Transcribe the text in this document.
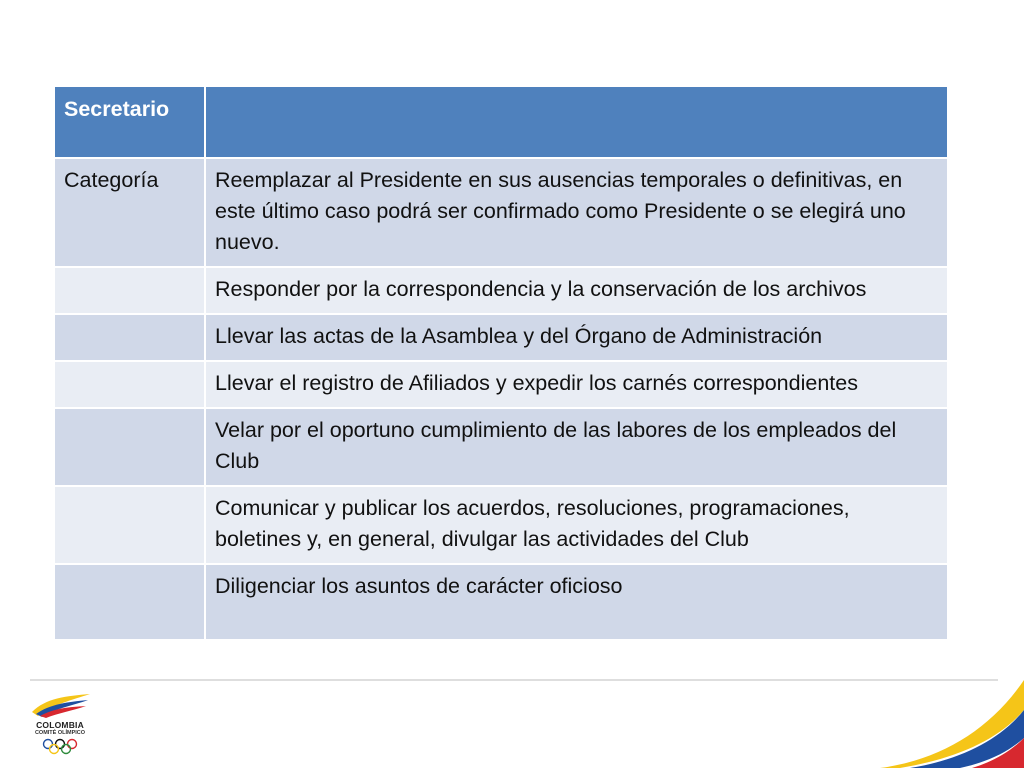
Secretario	
Categoría	Reemplazar al Presidente en sus ausencias temporales o definitivas, en este último caso podrá ser confirmado como Presidente o se elegirá uno nuevo.
	Responder por la correspondencia y la conservación de los archivos
	Llevar las actas de la Asamblea y del Órgano de Administración
	Llevar el registro de Afiliados y expedir los carnés correspondientes
	Velar por el oportuno cumplimiento de las labores de los empleados del Club
	Comunicar y publicar los acuerdos, resoluciones, programaciones, boletines y, en general, divulgar las actividades del Club
	Diligenciar los asuntos de carácter oficioso
COLOMBIA
COMITÉ OLÍMPICO
